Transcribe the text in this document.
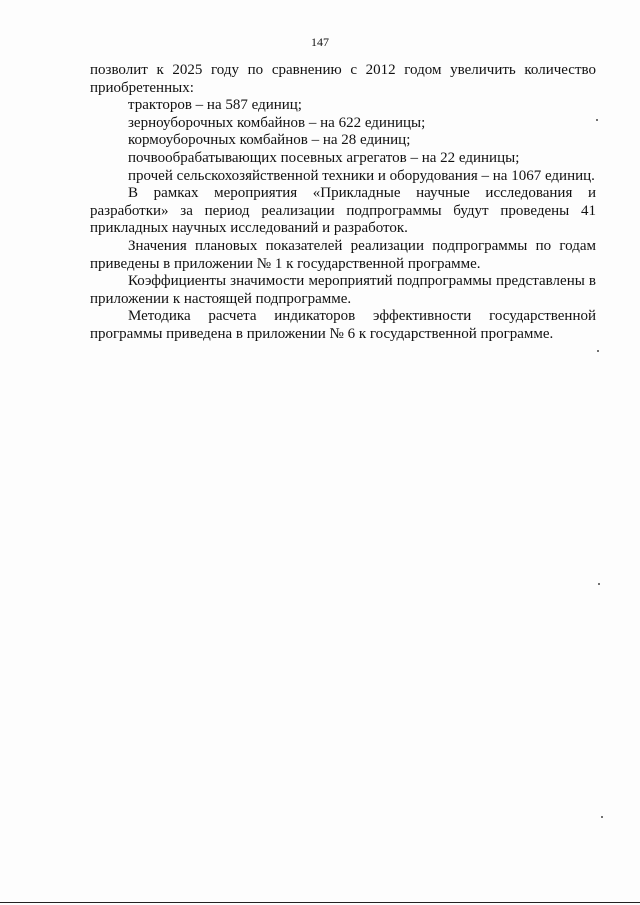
147

позволит к 2025 году по сравнению с 2012 годом увеличить количество приобретенных:

тракторов – на 587 единиц;

зерноуборочных комбайнов – на 622 единицы;

кормоуборочных комбайнов – на 28 единиц;

почвообрабатывающих посевных агрегатов – на 22 единицы;

прочей сельскохозяйственной техники и оборудования – на 1067 единиц.

В рамках мероприятия «Прикладные научные исследования и разработки» за период реализации подпрограммы будут проведены 41 прикладных научных исследований и разработок.

Значения плановых показателей реализации подпрограммы по годам приведены в приложении № 1 к государственной программе.

Коэффициенты значимости мероприятий подпрограммы представлены в приложении к настоящей подпрограмме.

Методика расчета индикаторов эффективности государственной программы приведена в приложении № 6 к государственной программе.
